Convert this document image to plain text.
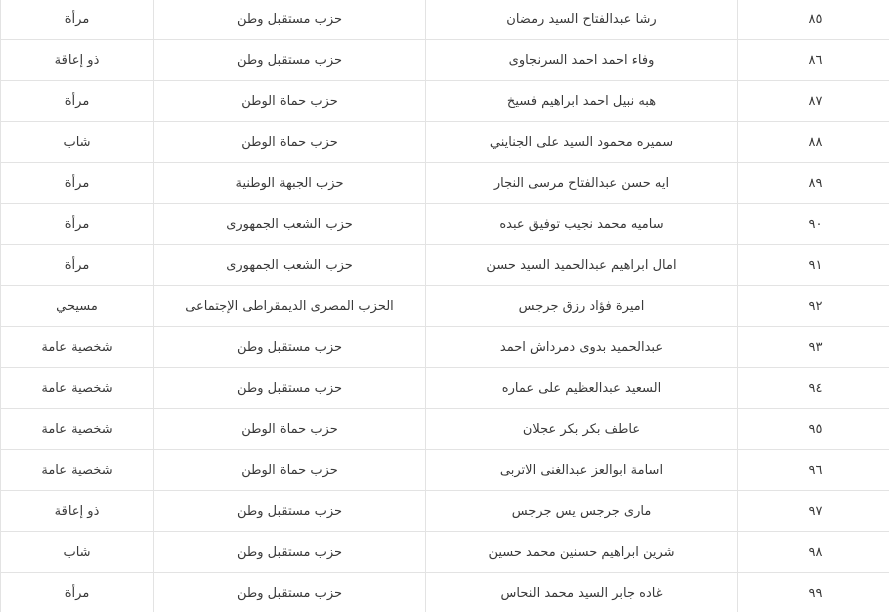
٨٥	رشا عبدالفتاح السيد رمضان	حزب مستقبل وطن	مرأة
٨٦	وفاء احمد احمد السرنجاوى	حزب مستقبل وطن	ذو إعاقة
٨٧	هبه نبيل احمد ابراهيم فسيخ	حزب حماة الوطن	مرأة
٨٨	سميره محمود السيد على الجنايني	حزب حماة الوطن	شاب
٨٩	ايه حسن عبدالفتاح مرسى النجار	حزب الجبهة الوطنية	مرأة
٩٠	ساميه محمد نجيب توفيق عبده	حزب الشعب الجمهورى	مرأة
٩١	امال ابراهيم عبدالحميد السيد حسن	حزب الشعب الجمهورى	مرأة
٩٢	اميرة فؤاد رزق جرجس	الحزب المصرى الديمقراطى الإجتماعى	مسيحي
٩٣	عبدالحميد بدوى دمرداش احمد	حزب مستقبل وطن	شخصية عامة
٩٤	السعيد عبدالعظيم على عماره	حزب مستقبل وطن	شخصية عامة
٩٥	عاطف بكر بكر عجلان	حزب حماة الوطن	شخصية عامة
٩٦	اسامة ابوالعز عبدالغنى الاتربى	حزب حماة الوطن	شخصية عامة
٩٧	مارى جرجس يس جرجس	حزب مستقبل وطن	ذو إعاقة
٩٨	شرين ابراهيم حسنين محمد حسين	حزب مستقبل وطن	شاب
٩٩	غاده جابر السيد محمد النحاس	حزب مستقبل وطن	مرأة
